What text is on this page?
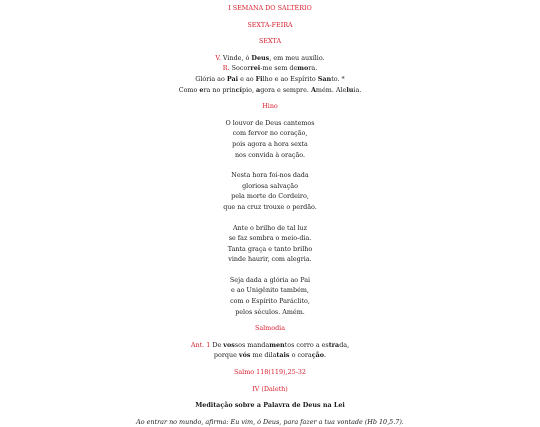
I SEMANA DO SALTÉRIO
SEXTA-FEIRA
SEXTA
V. Vinde, ó Deus, em meu auxílio.
R. Socorrei-me sem demora.
Glória ao Pai e ao Filho e ao Espírito Santo. *
Como era no princípio, agora e sempre. Amém. Aleluia.
Hino
O louvor de Deus cantemos
com fervor no coração,
pois agora a hora sexta
nos convida à oração.
Nesta hora foi-nos dada
gloriosa salvação
pela morte do Cordeiro,
que na cruz trouxe o perdão.
Ante o brilho de tal luz
se faz sombra o meio-dia.
Tanta graça e tanto brilho
vinde haurir, com alegria.
Seja dada a glória ao Pai
e ao Unigênito também,
com o Espírito Paráclito,
pelos séculos. Amém.
Salmodia
Ant. 1 De vossos mandamentos corro a estrada,
porque vós me dilatais o coração.
Salmo 118(119),25-32
IV (Daleth)
Meditação sobre a Palavra de Deus na Lei
Ao entrar no mundo, afirma: Eu vim, ó Deus, para fazer a tua vontade (Hb 10,5.7).
